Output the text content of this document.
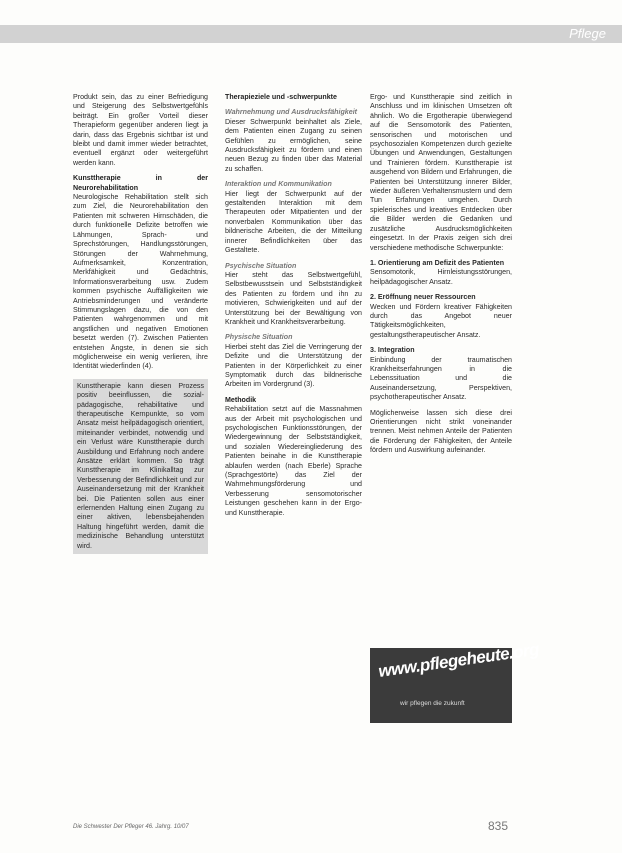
Pflege

Produkt sein, das zu einer Befriedigung und Steigerung des Selbstwertgefühls beiträgt. Ein großer Vorteil dieser Therapieform gegenüber anderen liegt ja darin, dass das Ergebnis sichtbar ist und bleibt und damit immer wieder betrachtet, eventuell ergänzt oder weitergeführt werden kann.

Kunsttherapie in der Neurorehabilitation

Neurologische Rehabilitation stellt sich zum Ziel, die Neurorehabilitation den Patienten mit schweren Hirnschäden, die durch funktionelle Defizite betroffen wie Lähmungen, Sprach- und Sprechstörungen, Handlungsstörungen, Störungen der Wahrnehmung, Aufmerksamkeit, Konzentration, Merkfähigkeit und Gedächtnis, Informationsverarbeitung usw. Zudem kommen psychische Auffälligkeiten wie Antriebsminderungen und veränderte Stimmungslagen dazu, die von den Patienten wahrgenommen und mit angstlichen und negativen Emotionen besetzt werden (7). Zwischen Patienten entstehen Ängste, in denen sie sich möglicherweise ein wenig verlieren, ihre Identität wiederfinden (4).

Kunsttherapie kann diesen Prozess positiv beeinflussen, die sozial- pädagogische, rehabilitative und therapeutische Kernpunkte, so vom Ansatz meist heilpädagogisch orientiert, miteinander verbindet, notwendig und ein Verlust wäre Kunsttherapie durch Ausbildung und Erfahrung noch andere Ansätze erklärt kommen. So trägt Kunsttherapie im Klinikalltag zur Verbesserung der Befindlichkeit und zur Auseinandersetzung mit der Krankheit bei. Die Patienten sollen aus einer erlernenden Haltung einen Zugang zu einer aktiven, lebensbejahenden Haltung hingeführt werden, damit die medizinische Behandlung unterstützt wird.

Therapieziele und -schwerpunkte

Wahrnehmung und Ausdrucksfähigkeit

Dieser Schwerpunkt beinhaltet als Ziele, dem Patienten einen Zugang zu seinen Gefühlen zu ermöglichen, seine Ausdrucksfähigkeit zu fördern und einen neuen Bezug zu finden über das Material zu schaffen.

Interaktion und Kommunikation

Hier liegt der Schwerpunkt auf der gestaltenden Interaktion mit dem Therapeuten oder Mitpatienten und der nonverbalen Kommunikation über das bildnerische Arbeiten, die der Mitteilung innerer Befindlichkeiten über das Gestaltete.

Psychische Situation

Hier steht das Selbstwertgefühl, Selbstbewusstsein und Selbstständigkeit des Patienten zu fördern und ihn zu motivieren, Schwierigkeiten und auf der Unterstützung bei der Bewältigung von Krankheit und Krankheitsverarbeitung.

Physische Situation

Hierbei steht das Ziel die Verringerung der Defizite und die Unterstützung der Patienten in der Körperlichkeit zu einer Symptomatik durch das bildnerische Arbeiten im Vordergrund (3).

Methodik

Rehabilitation setzt auf die Massnahmen aus der Arbeit mit psychologischen und psychologischen Funktionsstörungen, der Wiedergewinnung der Selbstständigkeit, und sozialen Wiedereingliederung des Patienten beinahe in die Kunsttherapie ablaufen werden (nach Eberle) Sprache (Sprachgestörte) das Ziel der Wahrnehmungsförderung und Verbesserung sensomotorischer Leistungen geschehen kann in der Ergo- und Kunsttherapie.

Ergo- und Kunsttherapie sind zeitlich in Anschluss und im klinischen Umsetzen oft ähnlich. Wo die Ergotherapie überwiegend auf die Sensomotorik des Patienten, sensorischen und motorischen und psychosozialen Kompetenzen durch gezielte Übungen und Anwendungen, Gestaltungen und Trainieren fördern. Kunsttherapie ist ausgehend von Bildern und Erfahrungen, die Patienten bei Unterstützung innerer Bilder, wieder äußeren Verhaltensmustern und dem Tun Erfahrungen umgehen. Durch spielerisches und kreatives Entdecken über die Bilder werden die Gedanken und zusätzliche Ausdrucksmöglichkeiten eingesetzt. In der Praxis zeigen sich drei verschiedene methodische Schwerpunkte:

1. Orientierung am Defizit des Patienten

Sensomotorik, Hirnleistungsstörungen, heilpädagogischer Ansatz.

2. Eröffnung neuer Ressourcen

Wecken und Fördern kreativer Fähigkeiten durch das Angebot neuer Tätigkeitsmöglichkeiten, gestaltungstherapeutischer Ansatz.

3. Integration

Einbindung der traumatischen Krankheitserfahrungen in die Lebenssituation und die Auseinandersetzung, Perspektiven, psychotherapeutischer Ansatz.

Möglicherweise lassen sich diese drei Orientierungen nicht strikt voneinander trennen. Meist nehmen Anteile der Patienten die Förderung der Fähigkeiten, der Anteile fördern und Auswirkung aufeinander.

www.pflegeheute.org
wir pflegen die zukunft
Die Schwester Der Pfleger 46. Jahrg. 10/07	835
